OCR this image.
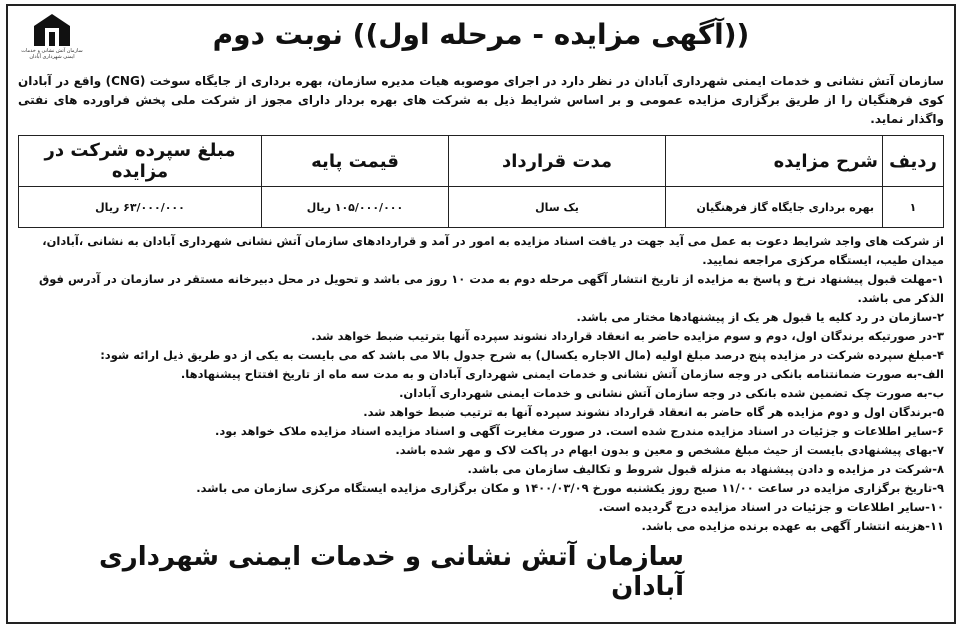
((آگهی مزایده - مرحله اول)) نوبت دوم
سازمان آتش نشانی و خدمات ایمنی شهرداری آبادان
سازمان آتش نشانی و خدمات ایمنی شهرداری آبادان در نظر دارد در اجرای موصوبه هیات مدیره سازمان، بهره برداری از جایگاه سوخت (CNG) واقع در آبادان کوی فرهنگیان را از طریق برگزاری مزایده عمومی و بر اساس شرایط ذیل به شرکت های بهره بردار دارای مجوز از شرکت ملی پخش فراورده های نفتی واگذار نماید.
ردیف	شرح مزایده	مدت قرارداد	قیمت پایه	مبلغ سپرده شرکت در مزایده
۱	بهره برداری جایگاه گاز فرهنگیان	یک سال	۱۰۵/۰۰۰/۰۰۰ ریال	۶۳/۰۰۰/۰۰۰ ریال

از شرکت های واجد شرایط دعوت به عمل می آید جهت در یافت اسناد مزایده به امور در آمد و قراردادهای سازمان آتش نشانی شهرداری آبادان به نشانی ،آبادان، میدان طیب، ایستگاه مرکزی مراجعه نمایید.

۱-مهلت قبول پیشنهاد نرخ و پاسخ به مزایده از تاریخ انتشار آگهی مرحله دوم به مدت ۱۰ روز می باشد و تحویل در محل دبیرخانه مستقر در سازمان در آدرس فوق الذکر می باشد.

۲-سازمان در رد کلیه یا قبول هر یک از پیشنهادها مختار می باشد.

۳-در صورتیکه برندگان اول، دوم و سوم مزایده حاضر به انعقاد قرارداد نشوند سپرده آنها بترتیب ضبط خواهد شد.

۴-مبلغ سپرده شرکت در مزایده پنج درصد مبلغ اولیه (مال الاجاره یکسال) به شرح جدول بالا می باشد که می بایست به یکی از دو طریق ذیل ارائه شود:

الف-به صورت ضمانتنامه بانکی در وجه سازمان آتش نشانی و خدمات ایمنی شهرداری آبادان و به مدت سه ماه از تاریخ افتتاح پیشنهادها.

ب-به صورت چک تضمین شده بانکی در وجه سازمان آتش نشانی و خدمات ایمنی شهرداری آبادان.

۵-برندگان اول و دوم مزایده هر گاه حاضر به انعقاد قرارداد نشوند سپرده آنها به ترتیب ضبط خواهد شد.

۶-سایر اطلاعات و جزئیات در اسناد مزایده مندرج شده است. در صورت مغایرت آگهی و اسناد مزایده اسناد مزایده ملاک خواهد بود.

۷-بهای پیشنهادی بایست از حیث مبلغ مشخص و معین و بدون ابهام در پاکت لاک و مهر شده باشد.

۸-شرکت در مزایده و دادن پیشنهاد به منزله قبول شروط و تکالیف سازمان می باشد.

۹-تاریخ برگزاری مزایده در ساعت ۱۱/۰۰ صبح روز یکشنبه مورخ ۱۴۰۰/۰۳/۰۹ و مکان برگزاری مزایده ایستگاه مرکزی سازمان می باشد.

۱۰-سایر اطلاعات و جزئیات در اسناد مزایده درج گردیده است.

۱۱-هزینه انتشار آگهی به عهده برنده مزایده می باشد.

سازمان آتش نشانی و خدمات ایمنی شهرداری آبادان
